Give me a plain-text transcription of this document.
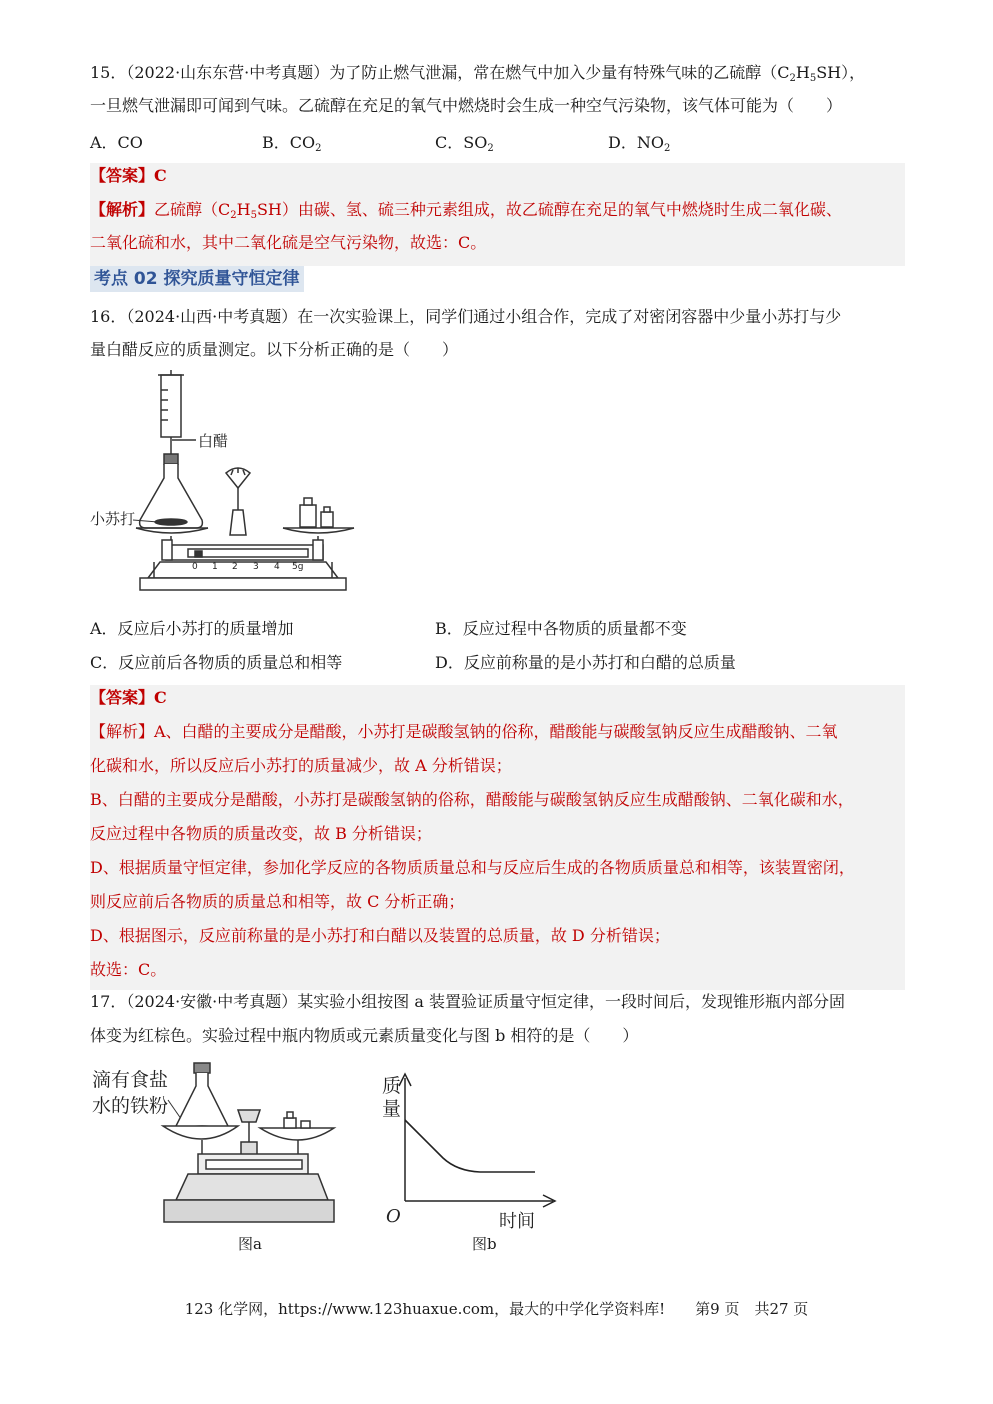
15．（2022·山东东营·中考真题）为了防止燃气泄漏，常在燃气中加入少量有特殊气味的乙硫醇$(C_2H_5SH)$，
一旦燃气泄漏即可闻到气味。乙硫醇在充足的氧气中燃烧时会生成一种空气污染物，该气体可能为（　　）
A．CO	B．$CO_2$	C．$SO_2$	D．$NO_2$
【答案】C
【解析】乙硫醇$(C_2H_5SH)$由碳、氢、硫三种元素组成，故乙硫醇在充足的氧气中燃烧时生成二氧化碳、
二氧化硫和水，其中二氧化硫是空气污染物，故选：C。
考点 02 探究质量守恒定律
16．（2024·山西·中考真题）在一次实验课上，同学们通过小组合作，完成了对密闭容器中少量小苏打与少
量白醋反应的质量测定。以下分析正确的是（　　）
白醋
小苏打
0 1 2 3 4 5g
A．反应后小苏打的质量增加	B．反应过程中各物质的质量都不变
C．反应前后各物质的质量总和相等	D．反应前称量的是小苏打和白醋的总质量
【答案】C
【解析】A、白醋的主要成分是醋酸，小苏打是碳酸氢钠的俗称，醋酸能与碳酸氢钠反应生成醋酸钠、二氧
化碳和水，所以反应后小苏打的质量减少，故 A 分析错误；
B、白醋的主要成分是醋酸，小苏打是碳酸氢钠的俗称，醋酸能与碳酸氢钠反应生成醋酸钠、二氧化碳和水，
反应过程中各物质的质量改变，故 B 分析错误；
D、根据质量守恒定律，参加化学反应的各物质质量总和与反应后生成的各物质质量总和相等，该装置密闭，
则反应前后各物质的质量总和相等，故 C 分析正确；
D、根据图示，反应前称量的是小苏打和白醋以及装置的总质量，故 D 分析错误；
故选：C。
17．（2024·安徽·中考真题）某实验小组按图 a 装置验证质量守恒定律，一段时间后，发现锥形瓶内部分固
体变为红棕色。实验过程中瓶内物质或元素质量变化与图 b 相符的是（　　）
滴有食盐
水的铁粉
图a
质
量
O	时间
图b
123 化学网，https://www.123huaxue.com，最大的中学化学资料库!　　第9 页　共27 页
